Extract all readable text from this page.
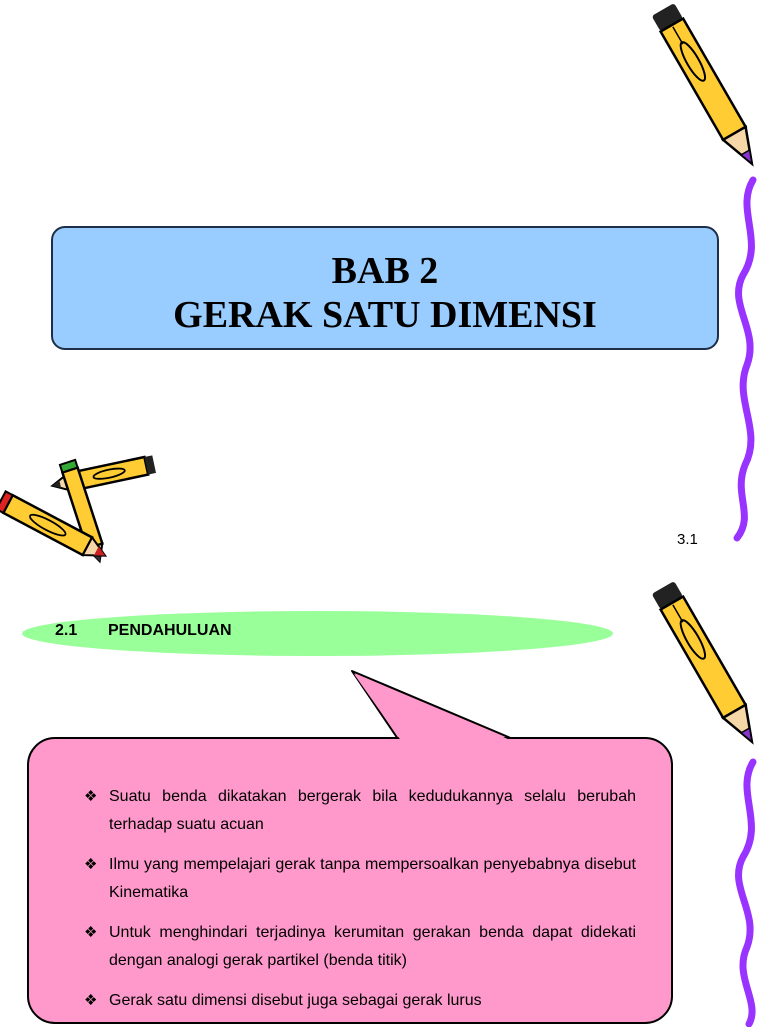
BAB 2
GERAK SATU DIMENSI
3.1
2.1 PENDAHULUAN
❖ Suatu benda dikatakan bergerak bila kedudukannya selalu berubah terhadap suatu acuan
❖ Ilmu yang mempelajari gerak tanpa mempersoalkan penyebabnya disebut Kinematika
❖ Untuk menghindari terjadinya kerumitan gerakan benda dapat didekati dengan analogi gerak partikel (benda titik)
❖ Gerak satu dimensi disebut juga sebagai gerak lurus
